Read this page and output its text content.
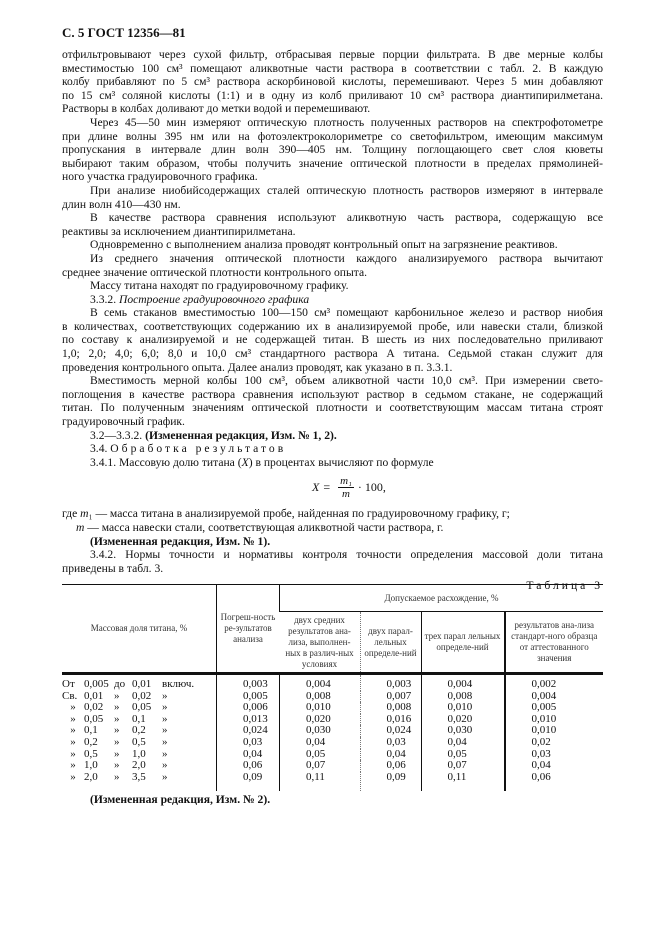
С. 5 ГОСТ 12356—81
отфильтровывают через сухой фильтр, отбрасывая первые порции фильтрата. В две мерные колбы
вместимостью 100 см³ помещают аликвотные части раствора в соответствии с табл. 2. В каждую
колбу прибавляют по 5 см³ раствора аскорбиновой кислоты, перемешивают. Через 5 мин добавляют
по 15 см³ соляной кислоты (1:1) и в одну из колб приливают 10 см³ раствора диантипирилметана.
Растворы в колбах доливают до метки водой и перемешивают.
Через 45—50 мин измеряют оптическую плотность полученных растворов на спектрофотометре
при длине волны 395 нм или на фотоэлектроколориметре со светофильтром, имеющим максимум
пропускания в интервале длин волн 390—405 нм. Толщину поглощающего свет слоя кюветы
выбирают таким образом, чтобы получить значение оптической плотности в пределах прямолиней-
ного участка градуировочного графика.
При анализе ниобийсодержащих сталей оптическую плотность растворов измеряют в интервале
длин волн 410—430 нм.
В качестве раствора сравнения используют аликвотную часть раствора, содержащую все
реактивы за исключением диантипирилметана.
Одновременно с выполнением анализа проводят контрольный опыт на загрязнение реактивов.
Из среднего значения оптической плотности каждого анализируемого раствора вычитают
среднее значение оптической плотности контрольного опыта.
Массу титана находят по градуировочному графику.
3.3.2. Построение градуировочного графика
В семь стаканов вместимостью 100—150 см³ помещают карбонильное железо и раствор ниобия
в количествах, соответствующих содержанию их в анализируемой пробе, или навески стали, близкой
по составу к анализируемой и не содержащей титан. В шесть из них последовательно приливают
1,0; 2,0; 4,0; 6,0; 8,0 и 10,0 см³ стандартного раствора А титана. Седьмой стакан служит для
проведения контрольного опыта. Далее анализ проводят, как указано в п. 3.3.1.
Вместимость мерной колбы 100 см³, объем аликвотной части 10,0 см³. При измерении свето-
поглощения в качестве раствора сравнения используют раствор в седьмом стакане, не содержащий
титан. По полученным значениям оптической плотности и соответствующим массам титана строят
градуировочный график.
3.2—3.3.2. (Измененная редакция, Изм. № 1, 2).
3.4. Обработка результатов
3.4.1. Массовую долю титана (X) в процентах вычисляют по формуле
$X = \frac{\text{m₁}}{m} \cdot 100$,
где m₁ — масса титана в анализируемой пробе, найденная по градуировочному графику, г;
m — масса навески стали, соответствующая аликвотной части раствора, г.
(Измененная редакция, Изм. № 1).
3.4.2. Нормы точности и нормативы контроля точности определения массовой доли титана
приведены в табл. 3.
Таблица 3
Массовая доля титана, %	Погреш-ность ре-зультатов анализа	Допускаемое расхождение, %			
		двух средних результатов ана-лиза, выполнен-ных в различ-ных условиях	двух парал-лельных определе-ний	трех парал лельных определе-ний	результатов ана-лиза стандарт-ного образца от аттестованного значения
От 0,005 до 0,01 включ.	0,003	0,004	0,003	0,004	0,002
Св. 0,01 » 0,02 »	0,005	0,008	0,007	0,008	0,004
» 0,02 » 0,05 »	0,006	0,010	0,008	0,010	0,005
» 0,05 » 0,1 »	0,013	0,020	0,016	0,020	0,010
» 0,1 » 0,2 »	0,024	0,030	0,024	0,030	0,010
» 0,2 » 0,5 »	0,03	0,04	0,03	0,04	0,02
» 0,5 » 1,0 »	0,04	0,05	0,04	0,05	0,03
» 1,0 » 2,0 »	0,06	0,07	0,06	0,07	0,04
» 2,0 » 3,5 »	0,09	0,11	0,09	0,11	0,06
(Измененная редакция, Изм. № 2).
